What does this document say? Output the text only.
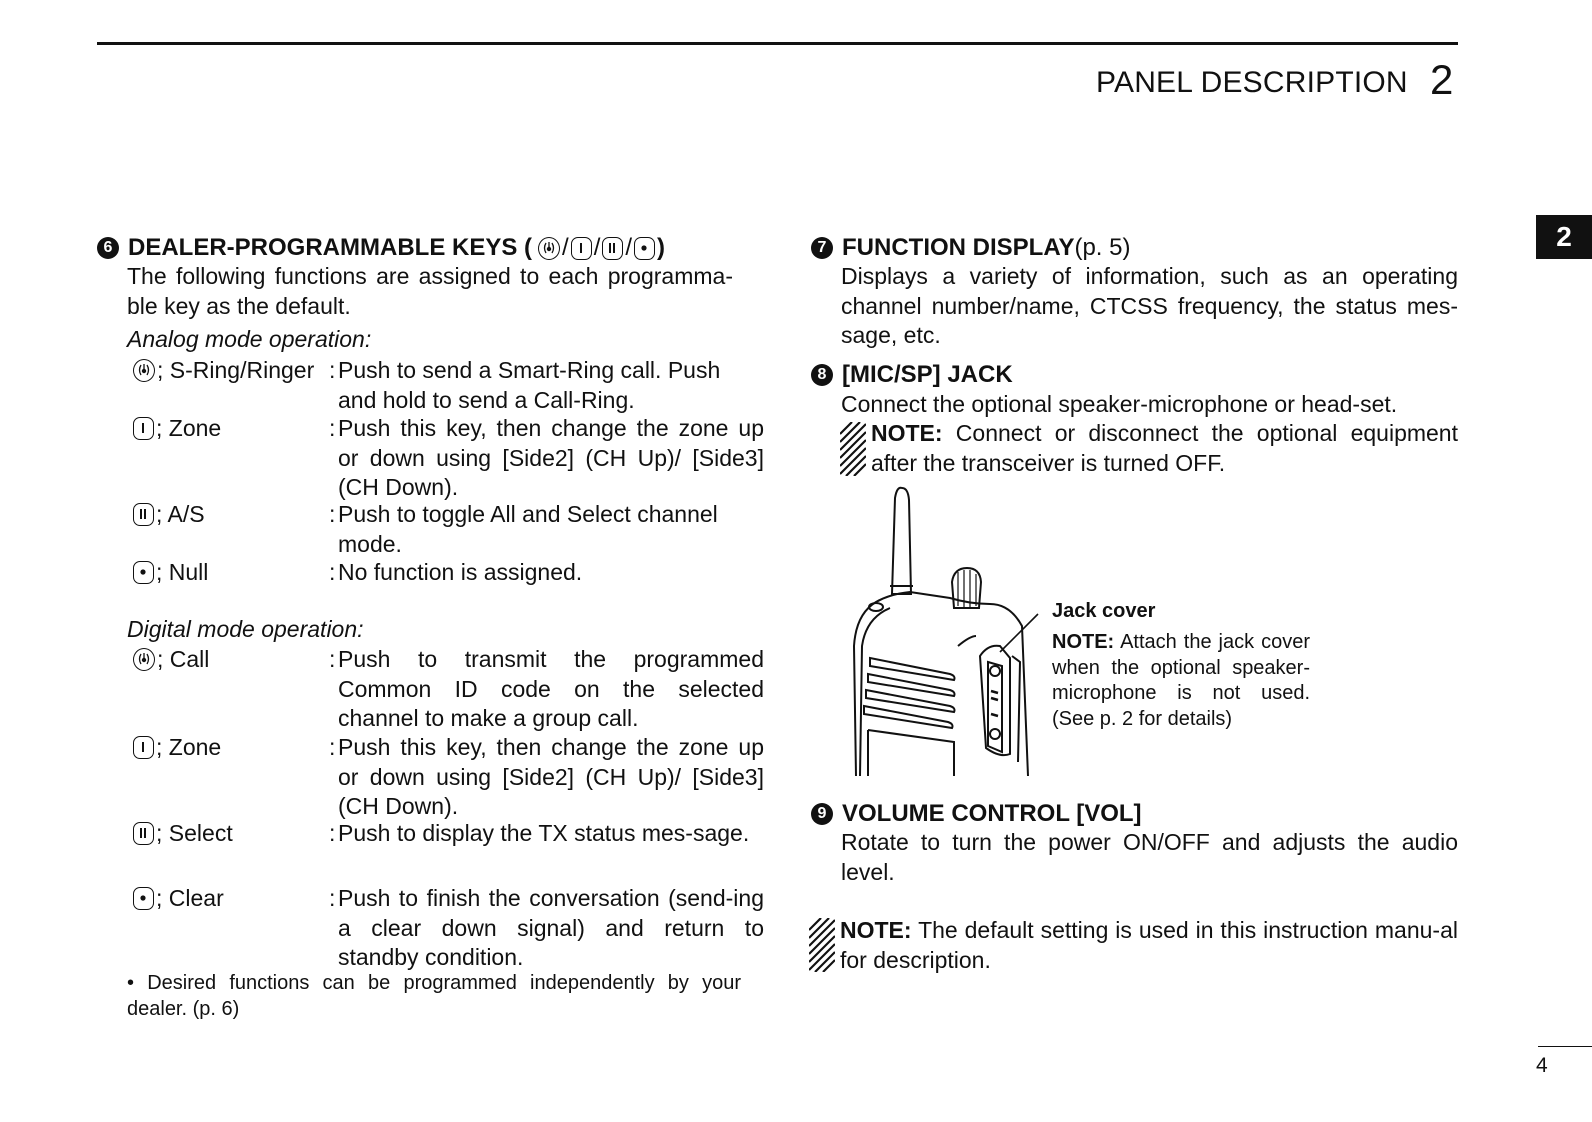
PANEL DESCRIPTION 2
2
4
6 DEALER-PROGRAMMABLE KEYS ( / / / )
The following functions are assigned to each programma-ble key as the default.
Analog mode operation:
; S-Ring/Ringer : Push to send a Smart-Ring call. Push and hold to send a Call-Ring.
; Zone	: Push this key, then change the zone up or down using [Side2] (CH Up)/ [Side3] (CH Down).
; A/S	: Push to toggle All and Select channel mode.
; Null	: No function is assigned.
Digital mode operation:
; Call	: Push to transmit the programmed Common ID code on the selected channel to make a group call.
; Zone	: Push this key, then change the zone up or down using [Side2] (CH Up)/ [Side3] (CH Down).
; Select	: Push to display the TX status mes-sage.
; Clear	: Push to finish the conversation (send-ing a clear down signal) and return to standby condition.
• Desired functions can be programmed independently by your dealer. (p. 6)
7 FUNCTION DISPLAY (p. 5)
Displays a variety of information, such as an operating channel number/name, CTCSS frequency, the status mes-sage, etc.
8 [MIC/SP] JACK
Connect the optional speaker-microphone or head-set.
NOTE: Connect or disconnect the optional equipment after the transceiver is turned OFF.
Jack cover
NOTE: Attach the jack cover when the optional speaker-microphone is not used. (See p. 2 for details)
9 VOLUME CONTROL [VOL]
Rotate to turn the power ON/OFF and adjusts the audio level.
NOTE: The default setting is used in this instruction manu-al for description.
